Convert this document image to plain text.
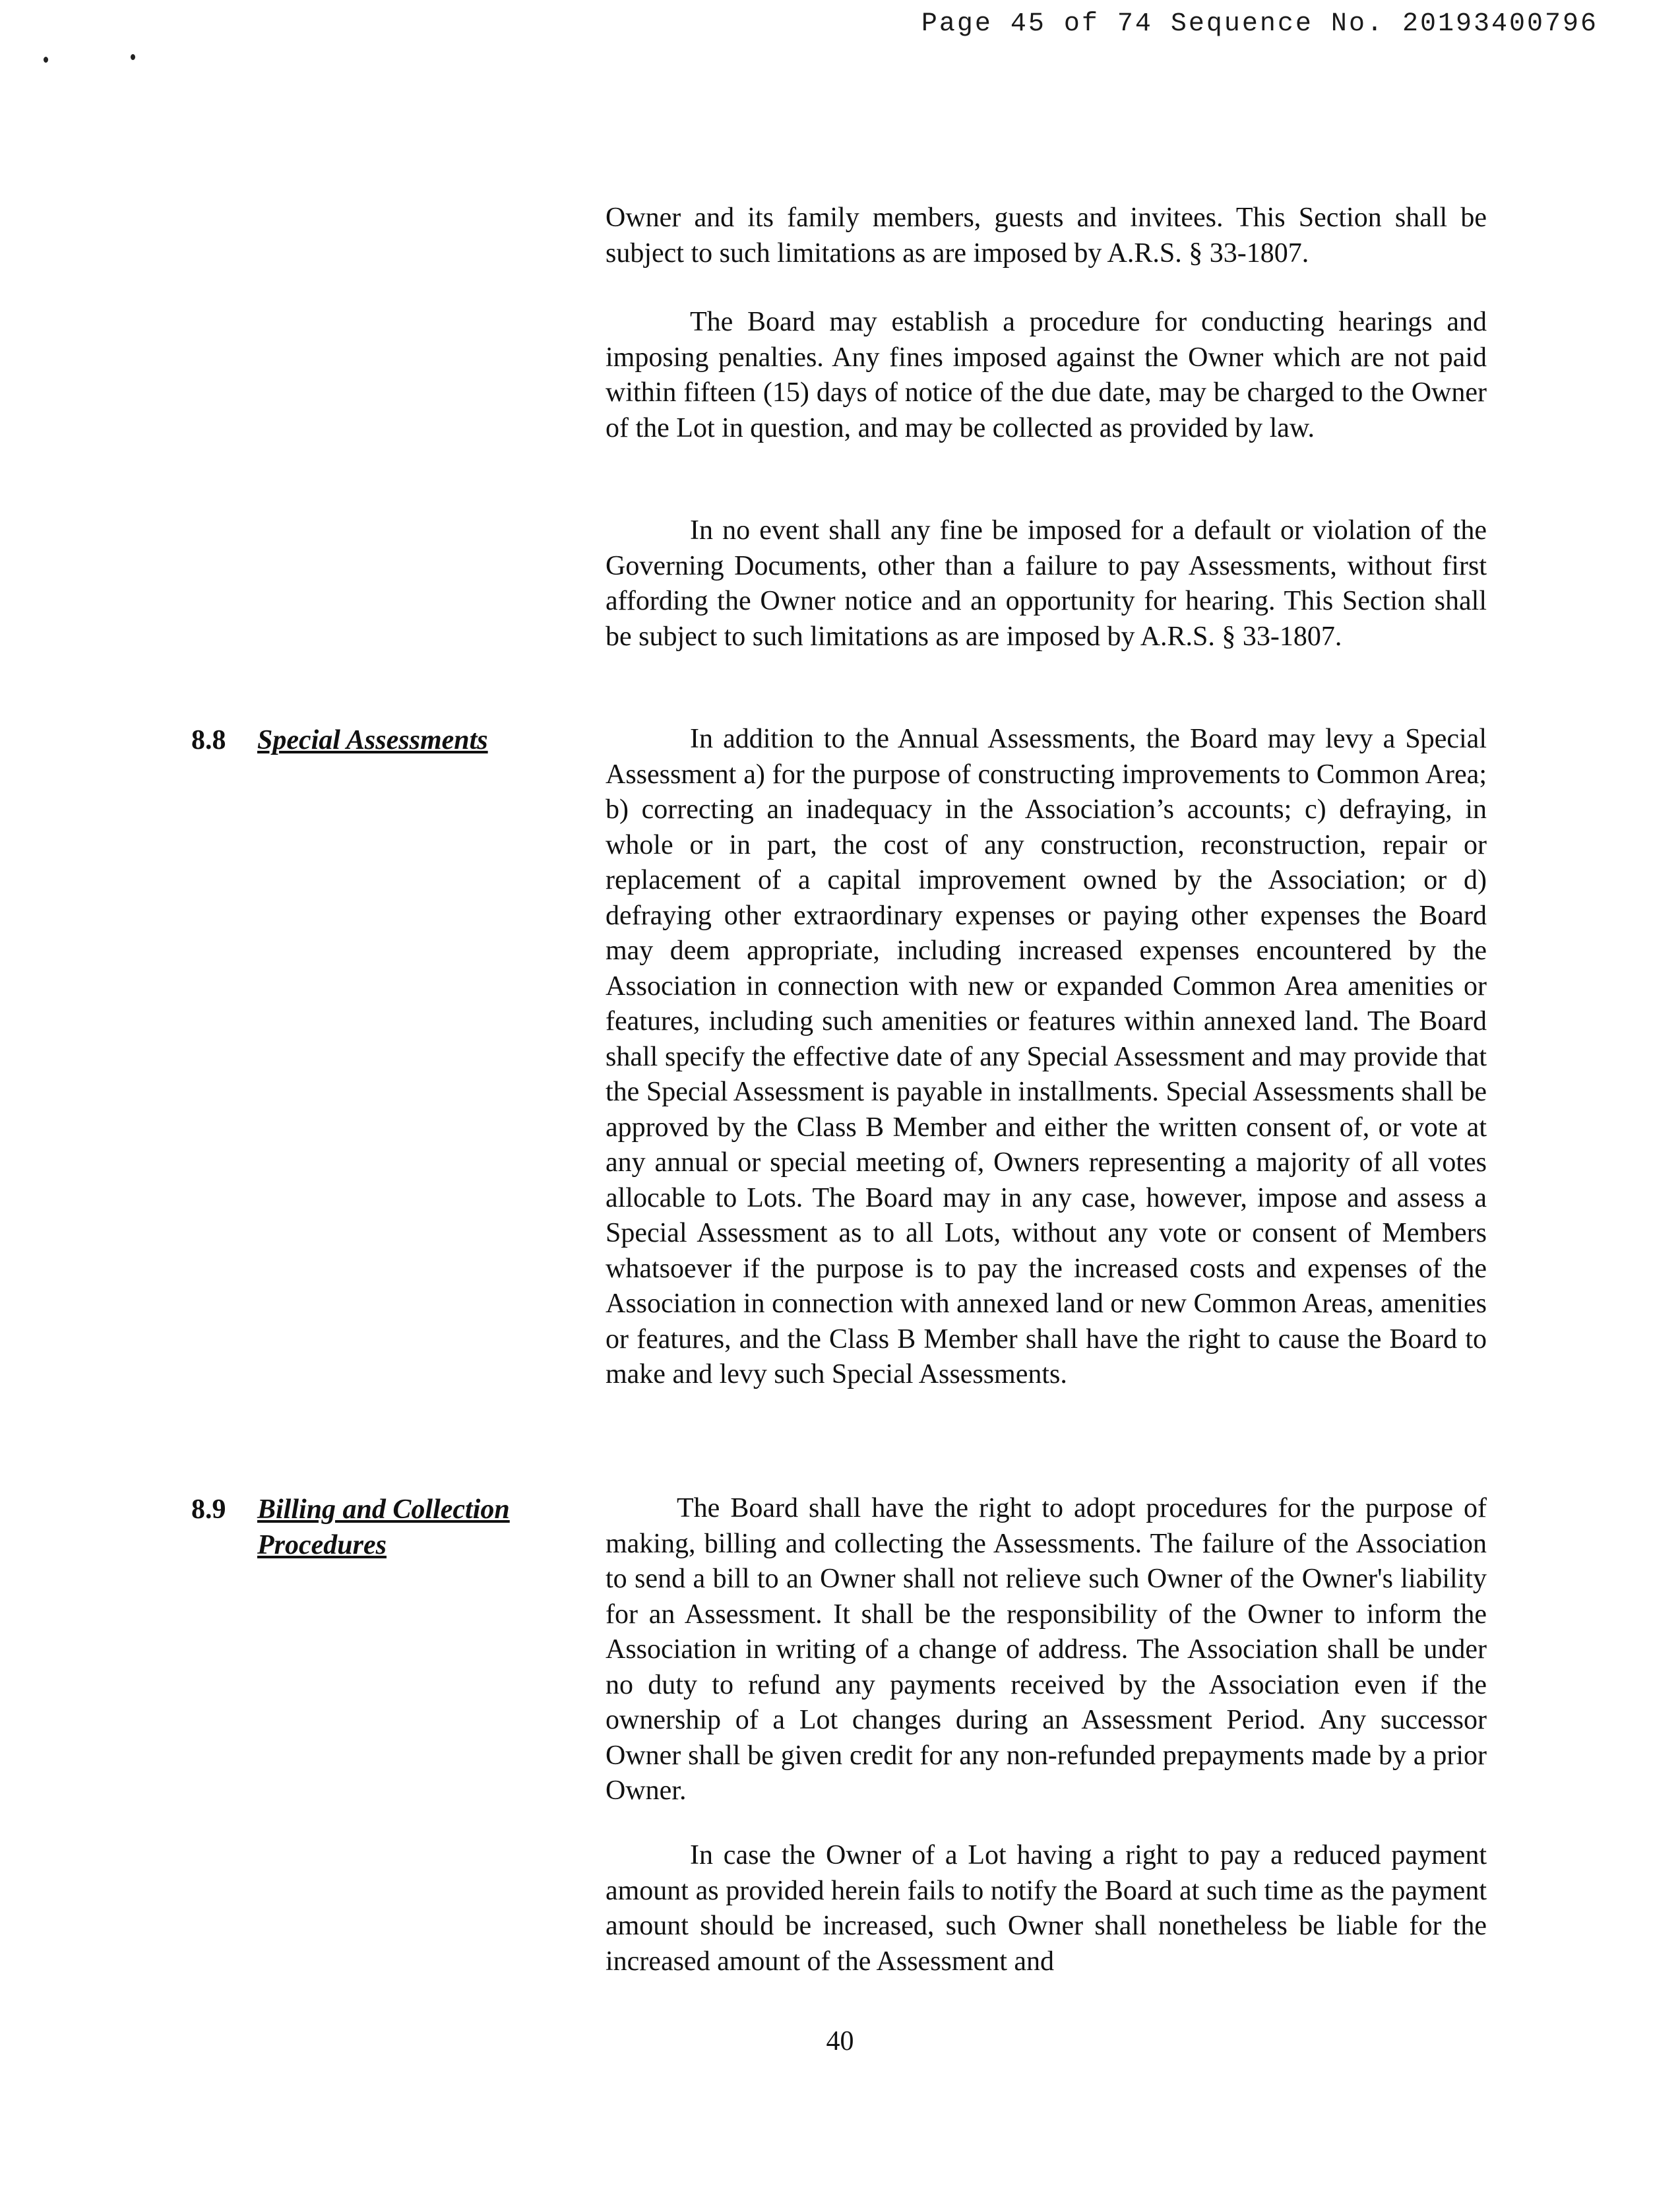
Page 45 of 74 Sequence No. 20193400796

Owner and its family members, guests and invitees. This Section shall be subject to such limitations as are imposed by A.R.S. § 33-1807.

The Board may establish a procedure for conducting hearings and imposing penalties. Any fines imposed against the Owner which are not paid within fifteen (15) days of notice of the due date, may be charged to the Owner of the Lot in question, and may be collected as provided by law.

In no event shall any fine be imposed for a default or violation of the Governing Documents, other than a failure to pay Assessments, without first affording the Owner notice and an opportunity for hearing. This Section shall be subject to such limitations as are imposed by A.R.S. § 33-1807.

8.8 Special Assessments	In addition to the Annual Assessments, the Board may levy a Special Assessment a) for the purpose of constructing improvements to Common Area; b) correcting an inadequacy in the Association’s accounts; c) defraying, in whole or in part, the cost of any construction, reconstruction, repair or replacement of a capital improvement owned by the Association; or d) defraying other extraordinary expenses or paying other expenses the Board may deem appropriate, including increased expenses encountered by the Association in connection with new or expanded Common Area amenities or features, including such amenities or features within annexed land. The Board shall specify the effective date of any Special Assessment and may provide that the Special Assessment is payable in installments. Special Assessments shall be approved by the Class B Member and either the written consent of, or vote at any annual or special meeting of, Owners representing a majority of all votes allocable to Lots. The Board may in any case, however, impose and assess a Special Assessment as to all Lots, without any vote or consent of Members whatsoever if the purpose is to pay the increased costs and expenses of the Association in connection with annexed land or new Common Areas, amenities or features, and the Class B Member shall have the right to cause the Board to make and levy such Special Assessments.

8.9 Billing and Collection
Procedures

The Board shall have the right to adopt procedures for the purpose of making, billing and collecting the Assessments. The failure of the Association to send a bill to an Owner shall not relieve such Owner of the Owner's liability for an Assessment. It shall be the responsibility of the Owner to inform the Association in writing of a change of address. The Association shall be under no duty to refund any payments received by the Association even if the ownership of a Lot changes during an Assessment Period. Any successor Owner shall be given credit for any non-refunded prepayments made by a prior Owner.

In case the Owner of a Lot having a right to pay a reduced payment amount as provided herein fails to notify the Board at such time as the payment amount should be increased, such Owner shall nonetheless be liable for the increased amount of the Assessment and

40
